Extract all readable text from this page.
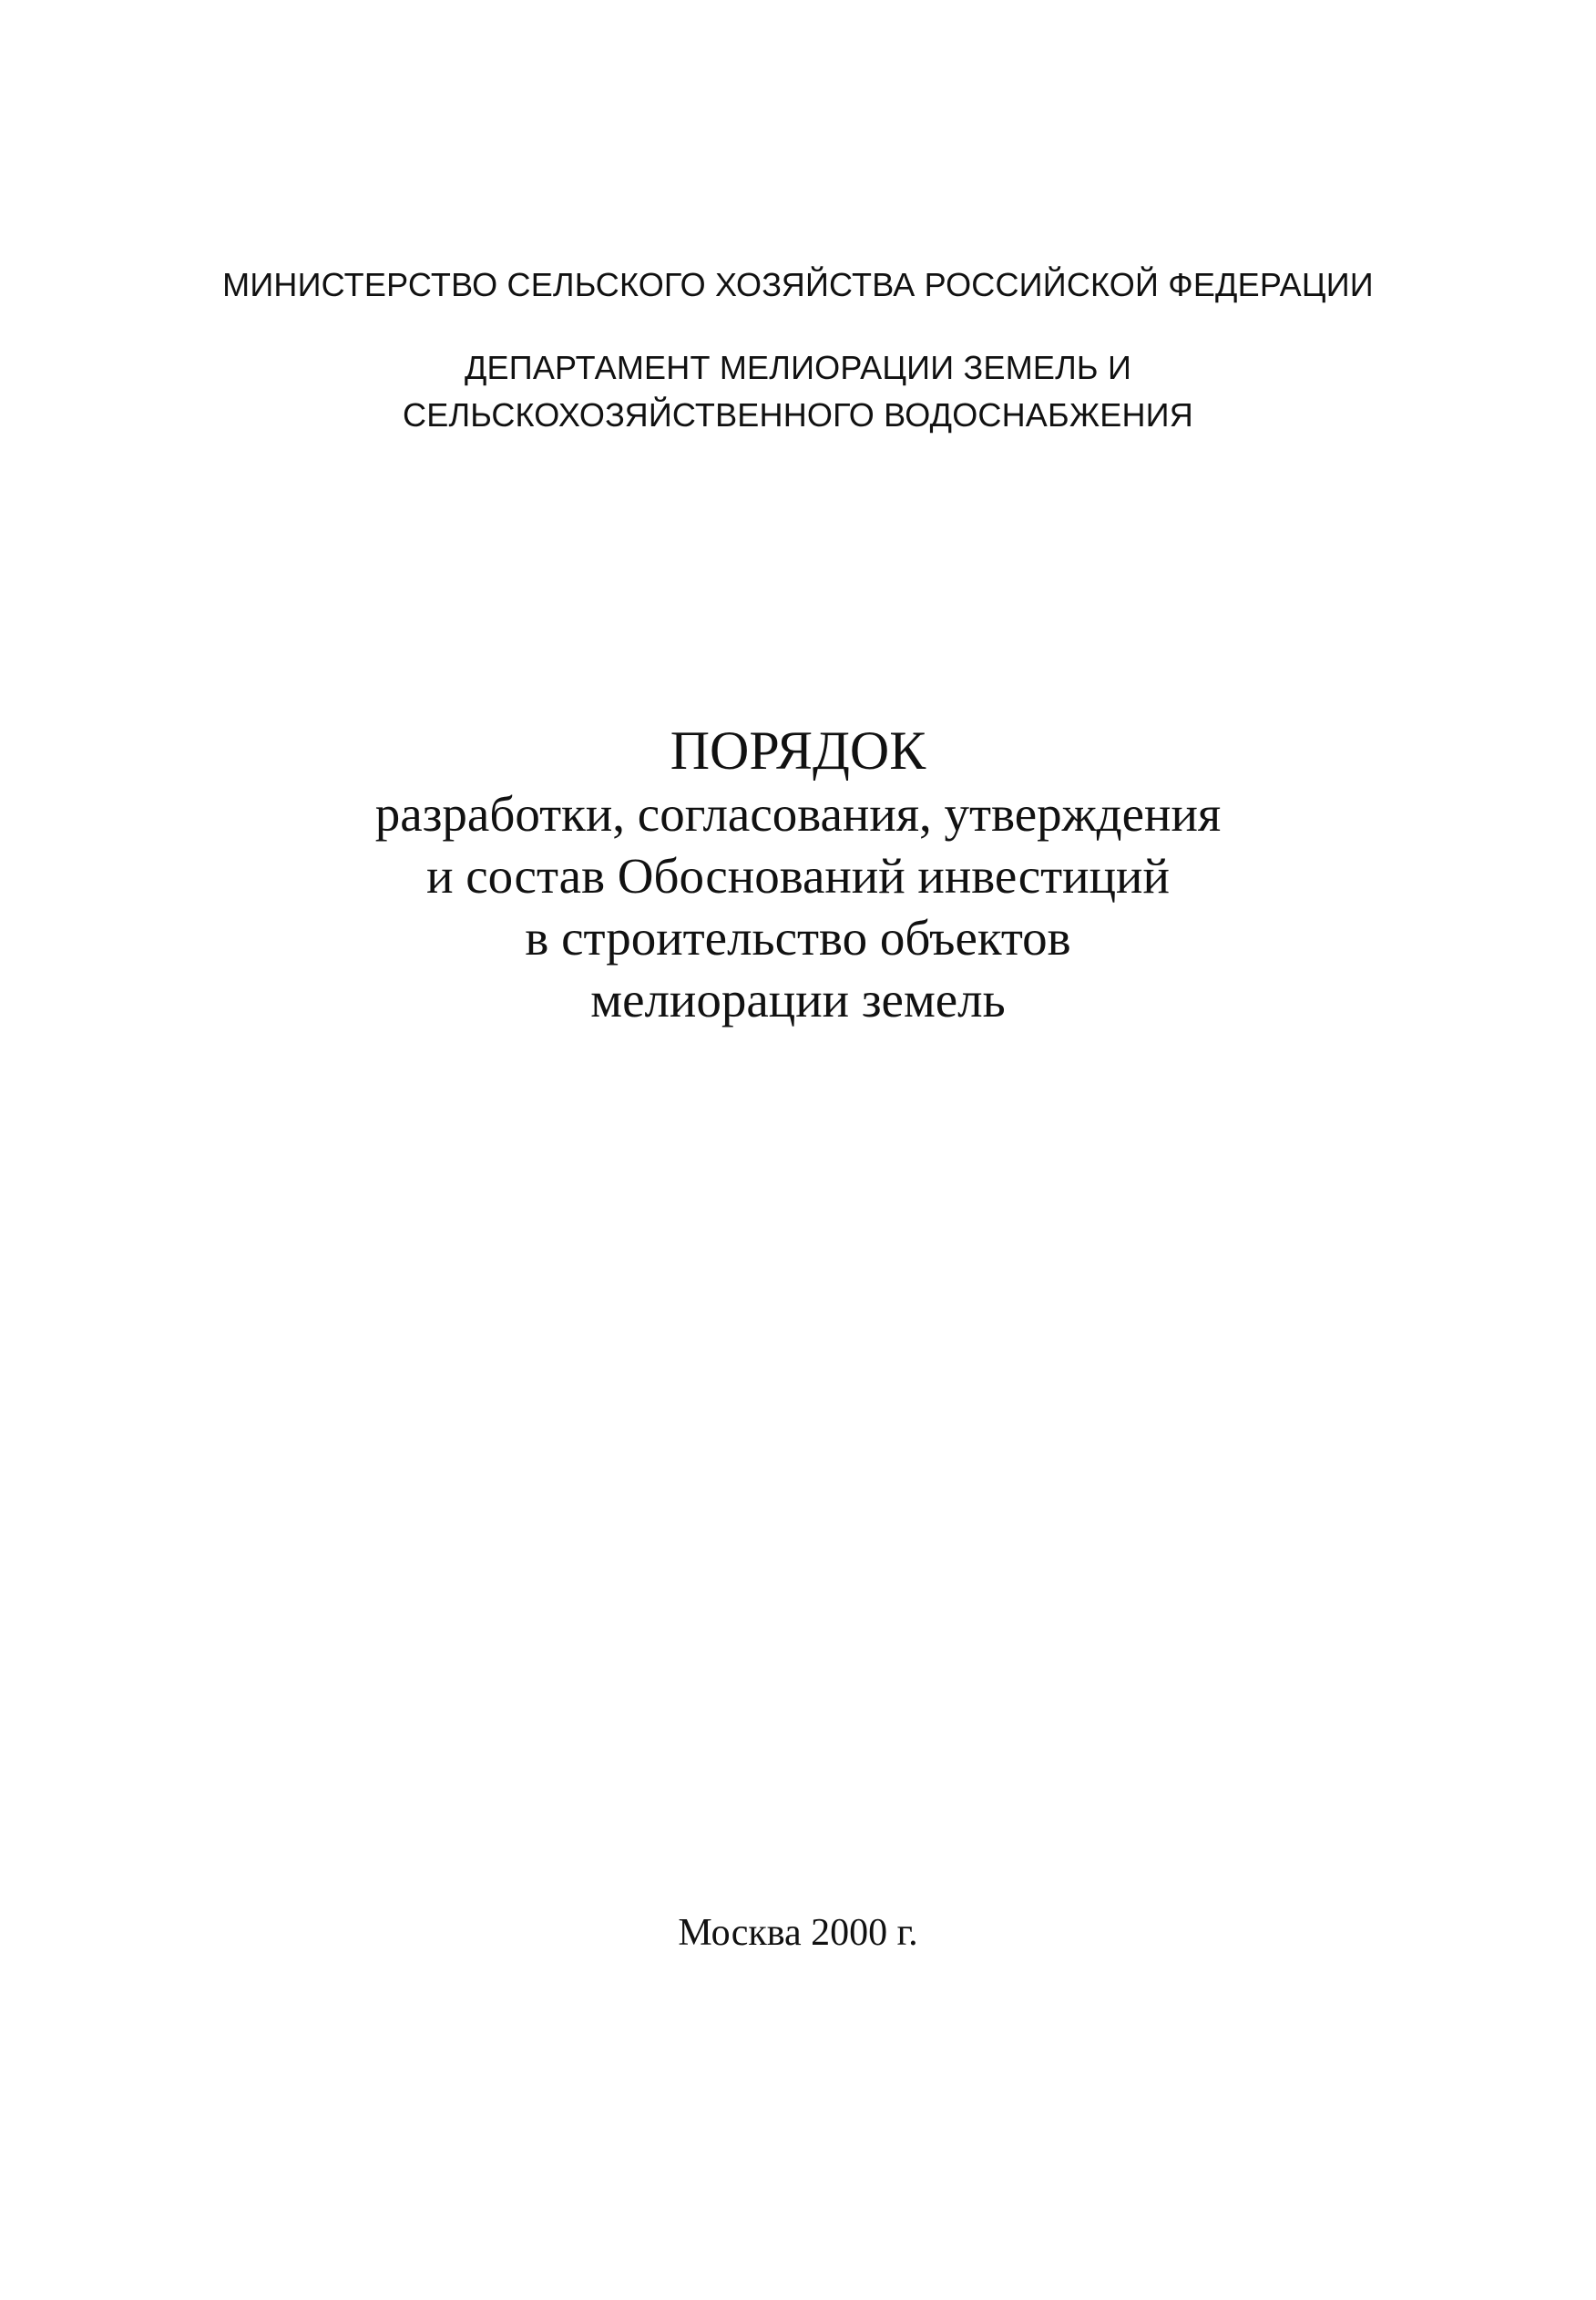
МИНИСТЕРСТВО СЕЛЬСКОГО ХОЗЯЙСТВА РОССИЙСКОЙ ФЕДЕРАЦИИ
ДЕПАРТАМЕНТ МЕЛИОРАЦИИ ЗЕМЕЛЬ И
СЕЛЬСКОХОЗЯЙСТВЕННОГО ВОДОСНАБЖЕНИЯ
ПОРЯДОК
разработки, согласования, утверждения
и состав Обоснований инвестиций
в строительство объектов
мелиорации земель
Москва 2000 г.
